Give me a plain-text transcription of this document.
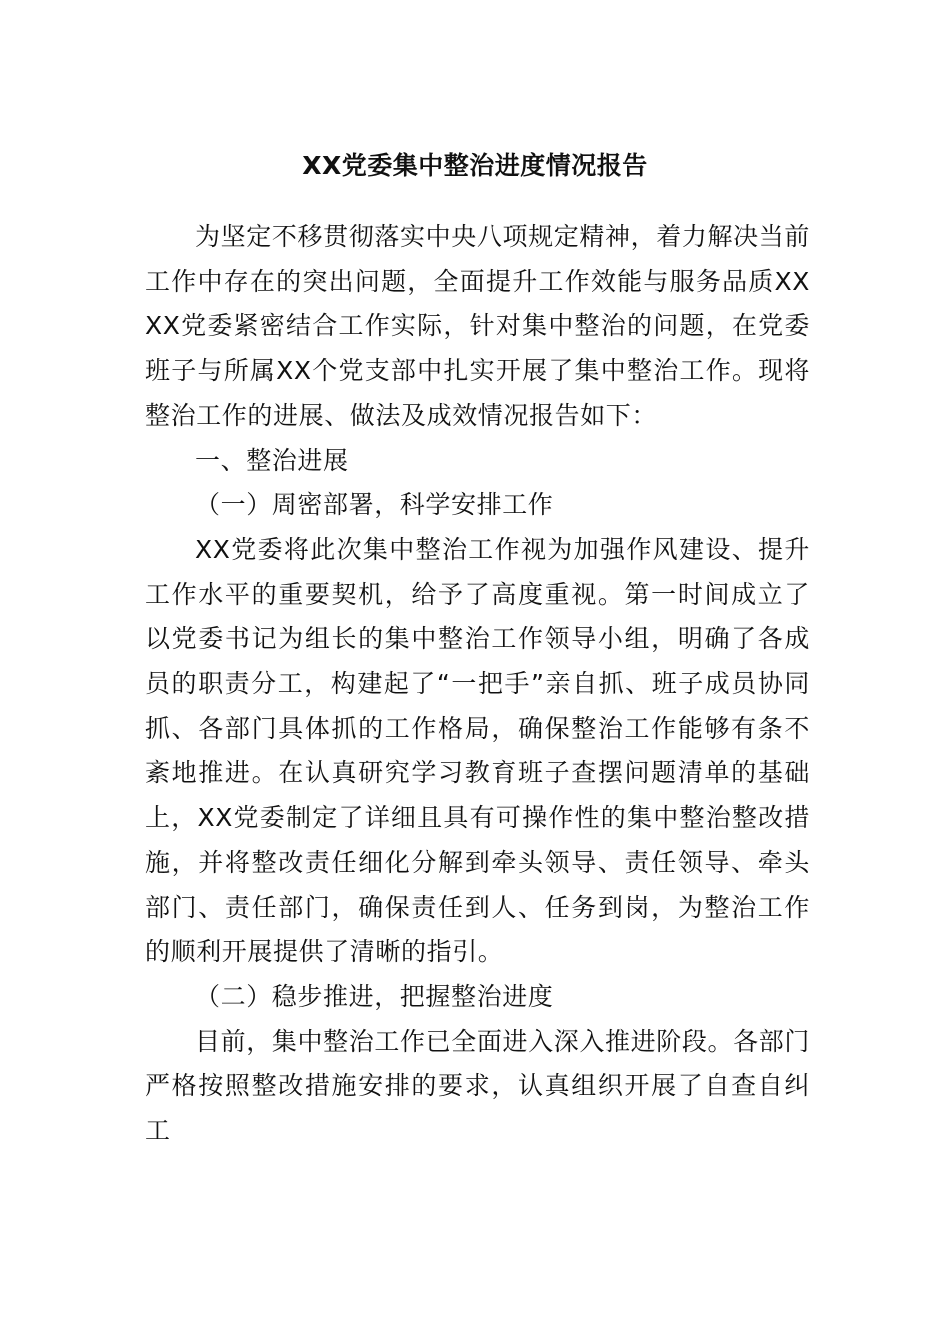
XX党委集中整治进度情况报告

为坚定不移贯彻落实中央八项规定精神，着力解决当前工作中存在的突出问题，全面提升工作效能与服务品质XXXX党委紧密结合工作实际，针对集中整治的问题，在党委班子与所属XX个党支部中扎实开展了集中整治工作。现将整治工作的进展、做法及成效情况报告如下：

一、整治进展

（一）周密部署，科学安排工作

XX党委将此次集中整治工作视为加强作风建设、提升工作水平的重要契机，给予了高度重视。第一时间成立了以党委书记为组长的集中整治工作领导小组，明确了各成员的职责分工，构建起了“一把手”亲自抓、班子成员协同抓、各部门具体抓的工作格局，确保整治工作能够有条不紊地推进。在认真研究学习教育班子查摆问题清单的基础上，XX党委制定了详细且具有可操作性的集中整治整改措施，并将整改责任细化分解到牵头领导、责任领导、牵头部门、责任部门，确保责任到人、任务到岗，为整治工作的顺利开展提供了清晰的指引。

（二）稳步推进，把握整治进度

目前，集中整治工作已全面进入深入推进阶段。各部门严格按照整改措施安排的要求，认真组织开展了自查自纠工
